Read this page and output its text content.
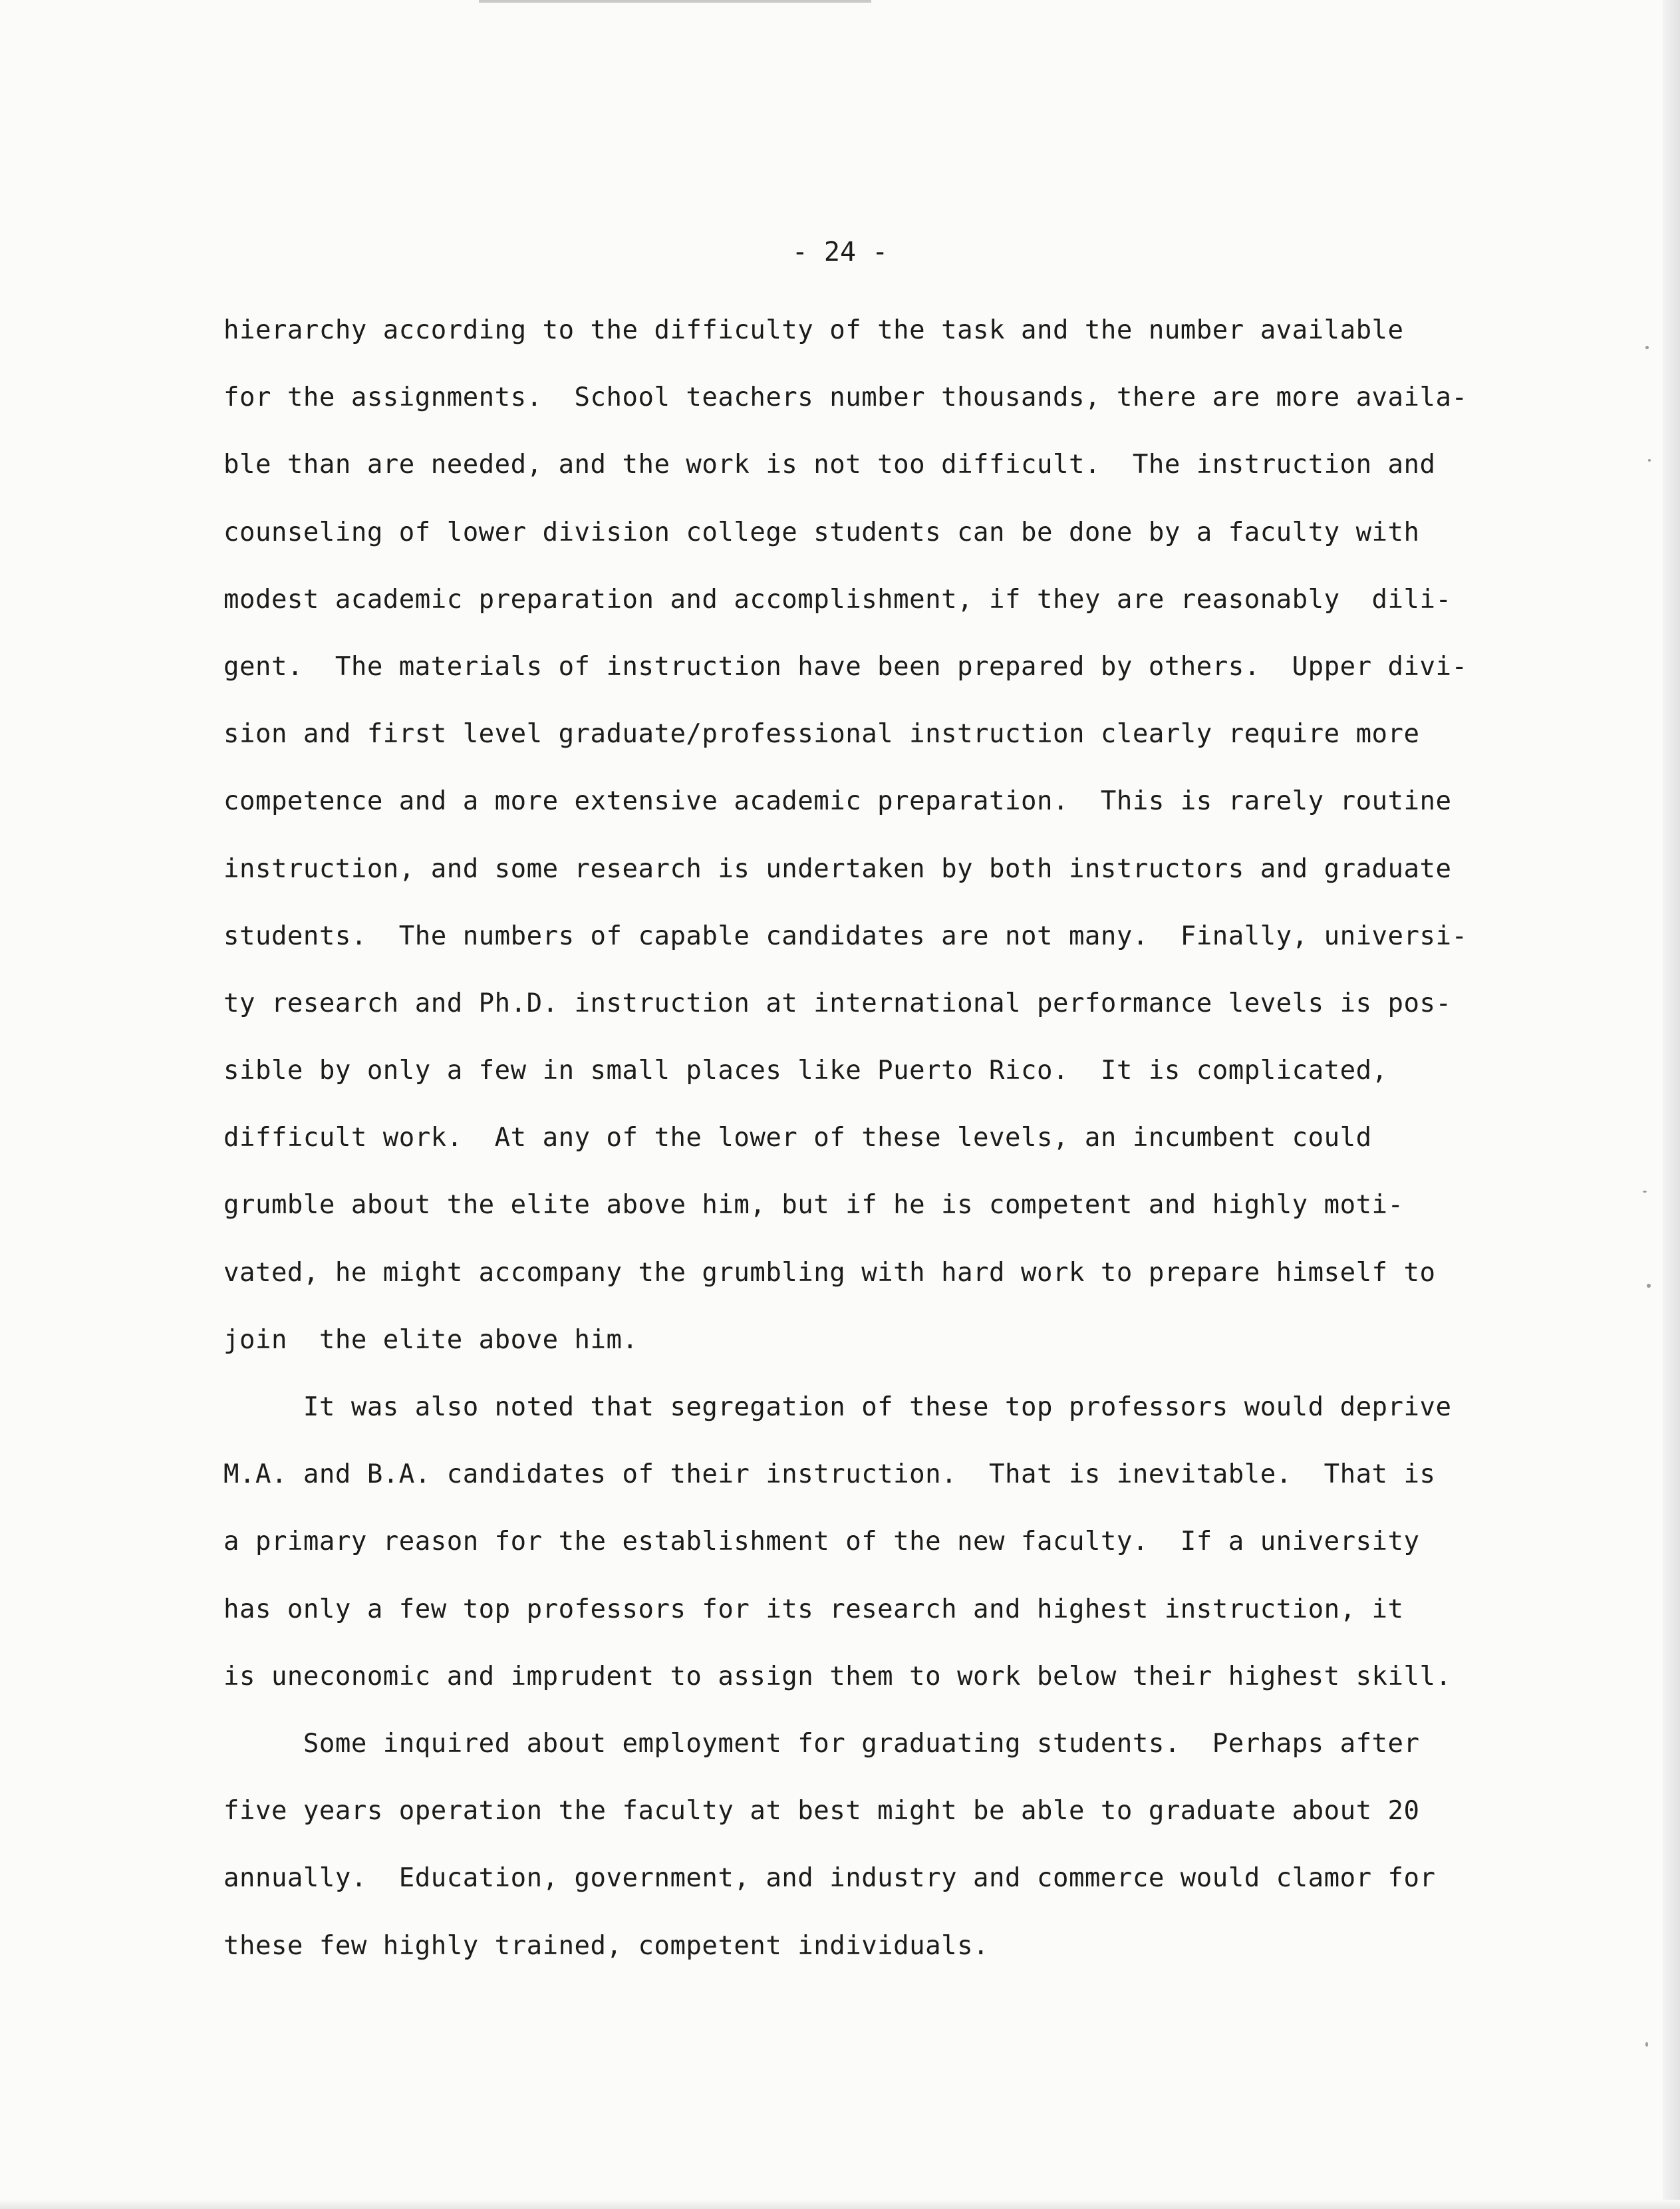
- 24 -

hierarchy according to the difficulty of the task and the number available
for the assignments.  School teachers number thousands, there are more availa-
ble than are needed, and the work is not too difficult.  The instruction and
counseling of lower division college students can be done by a faculty with
modest academic preparation and accomplishment, if they are reasonably  dili-
gent.  The materials of instruction have been prepared by others.  Upper divi-
sion and first level graduate/professional instruction clearly require more
competence and a more extensive academic preparation.  This is rarely routine
instruction, and some research is undertaken by both instructors and graduate
students.  The numbers of capable candidates are not many.  Finally, universi-
ty research and Ph.D. instruction at international performance levels is pos-
sible by only a few in small places like Puerto Rico.  It is complicated,
difficult work.  At any of the lower of these levels, an incumbent could
grumble about the elite above him, but if he is competent and highly moti-
vated, he might accompany the grumbling with hard work to prepare himself to
join  the elite above him.
It was also noted that segregation of these top professors would deprive
M.A. and B.A. candidates of their instruction.  That is inevitable.  That is
a primary reason for the establishment of the new faculty.  If a university
has only a few top professors for its research and highest instruction, it
is uneconomic and imprudent to assign them to work below their highest skill.
Some inquired about employment for graduating students.  Perhaps after
five years operation the faculty at best might be able to graduate about 20
annually.  Education, government, and industry and commerce would clamor for
these few highly trained, competent individuals.
